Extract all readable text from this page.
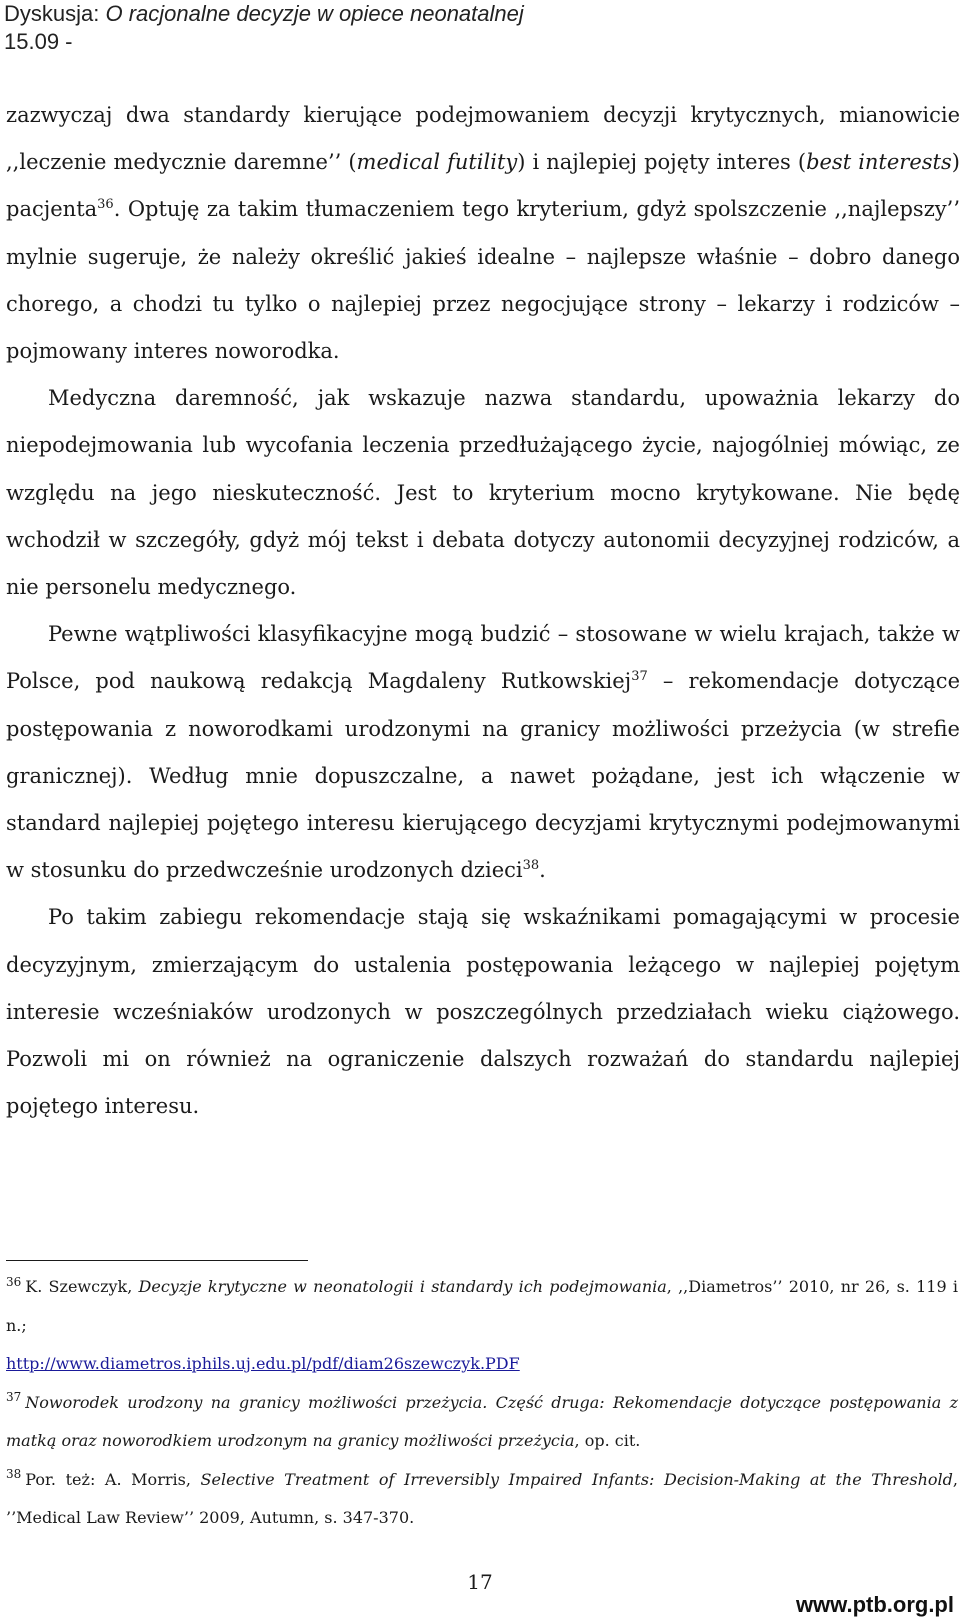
Dyskusja: O racjonalne decyzje w opiece neonatalnej
15.09 -

zazwyczaj dwa standardy kierujące podejmowaniem decyzji krytycznych, mianowicie ,,leczenie medycznie daremne’’ (medical futility) i najlepiej pojęty interes (best interests) pacjenta$^{36}$. Optuję za takim tłumaczeniem tego kryterium, gdyż spolszczenie ,,najlepszy’’ mylnie sugeruje, że należy określić jakieś idealne – najlepsze właśnie – dobro danego chorego, a chodzi tu tylko o najlepiej przez negocjujące strony – lekarzy i rodziców – pojmowany interes noworodka.

Medyczna daremność, jak wskazuje nazwa standardu, upoważnia lekarzy do niepodejmowania lub wycofania leczenia przedłużającego życie, najogólniej mówiąc, ze względu na jego nieskuteczność. Jest to kryterium mocno krytykowane. Nie będę wchodził w szczegóły, gdyż mój tekst i debata dotyczy autonomii decyzyjnej rodziców, a nie personelu medycznego.

Pewne wątpliwości klasyfikacyjne mogą budzić – stosowane w wielu krajach, także w Polsce, pod naukową redakcją Magdaleny Rutkowskiej$^{37}$ – rekomendacje dotyczące postępowania z noworodkami urodzonymi na granicy możliwości przeżycia (w strefie granicznej). Według mnie dopuszczalne, a nawet pożądane, jest ich włączenie w standard najlepiej pojętego interesu kierującego decyzjami krytycznymi podejmowanymi w stosunku do przedwcześnie urodzonych dzieci$^{38}$.

Po takim zabiegu rekomendacje stają się wskaźnikami pomagającymi w procesie decyzyjnym, zmierzającym do ustalenia postępowania leżącego w najlepiej pojętym interesie wcześniaków urodzonych w poszczególnych przedziałach wieku ciążowego. Pozwoli mi on również na ograniczenie dalszych rozważań do standardu najlepiej pojętego interesu.

$^{36}$ K. Szewczyk, Decyzje krytyczne w neonatologii i standardy ich podejmowania, ,,Diametros’’ 2010, nr 26, s. 119 i n.;

http://www.diametros.iphils.uj.edu.pl/pdf/diam26szewczyk.PDF

$^{37}$ Noworodek urodzony na granicy możliwości przeżycia. Część druga: Rekomendacje dotyczące postępowania z matką oraz noworodkiem urodzonym na granicy możliwości przeżycia, op. cit.

$^{38}$ Por. też: A. Morris, Selective Treatment of Irreversibly Impaired Infants: Decision-Making at the Threshold, ’’Medical Law Review’’ 2009, Autumn, s. 347-370.

17
www.ptb.org.pl
